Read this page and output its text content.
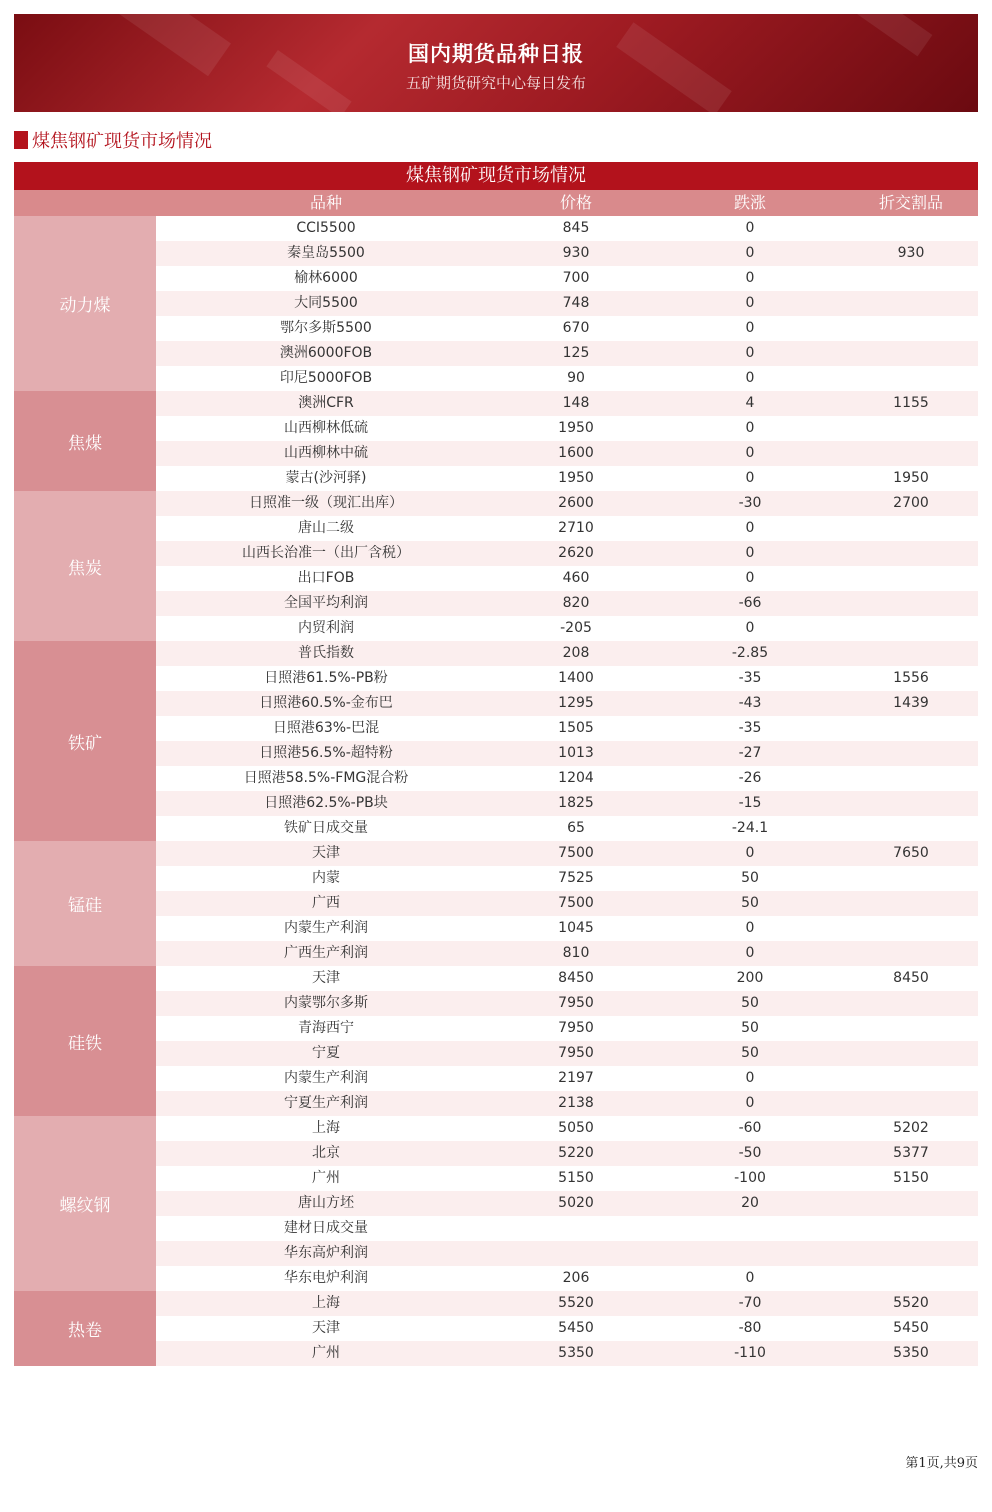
国内期货品种日报
五矿期货研究中心每日发布
煤焦钢矿现货市场情况
煤焦钢矿现货市场情况
品种	价格	跌涨	折交割品
动力煤
CCI5500	845	0
秦皇岛5500	930	0	930
榆林6000	700	0
大同5500	748	0
鄂尔多斯5500	670	0
澳洲6000FOB	125	0
印尼5000FOB	90	0
焦煤
澳洲CFR	148	4	1155
山西柳林低硫	1950	0
山西柳林中硫	1600	0
蒙古(沙河驿)	1950	0	1950
焦炭
日照准一级（现汇出库）	2600	-30	2700
唐山二级	2710	0
山西长治准一（出厂含税）	2620	0
出口FOB	460	0
全国平均利润	820	-66
内贸利润	-205	0
铁矿
普氏指数	208	-2.85
日照港61.5%-PB粉	1400	-35	1556
日照港60.5%-金布巴	1295	-43	1439
日照港63%-巴混	1505	-35
日照港56.5%-超特粉	1013	-27
日照港58.5%-FMG混合粉	1204	-26
日照港62.5%-PB块	1825	-15
铁矿日成交量	65	-24.1
锰硅
天津	7500	0	7650
内蒙	7525	50
广西	7500	50
内蒙生产利润	1045	0
广西生产利润	810	0
硅铁
天津	8450	200	8450
内蒙鄂尔多斯	7950	50
青海西宁	7950	50
宁夏	7950	50
内蒙生产利润	2197	0
宁夏生产利润	2138	0
螺纹钢
上海	5050	-60	5202
北京	5220	-50	5377
广州	5150	-100	5150
唐山方坯	5020	20
建材日成交量
华东高炉利润
华东电炉利润	206	0
热卷
上海	5520	-70	5520
天津	5450	-80	5450
广州	5350	-110	5350
第1页,共9页
